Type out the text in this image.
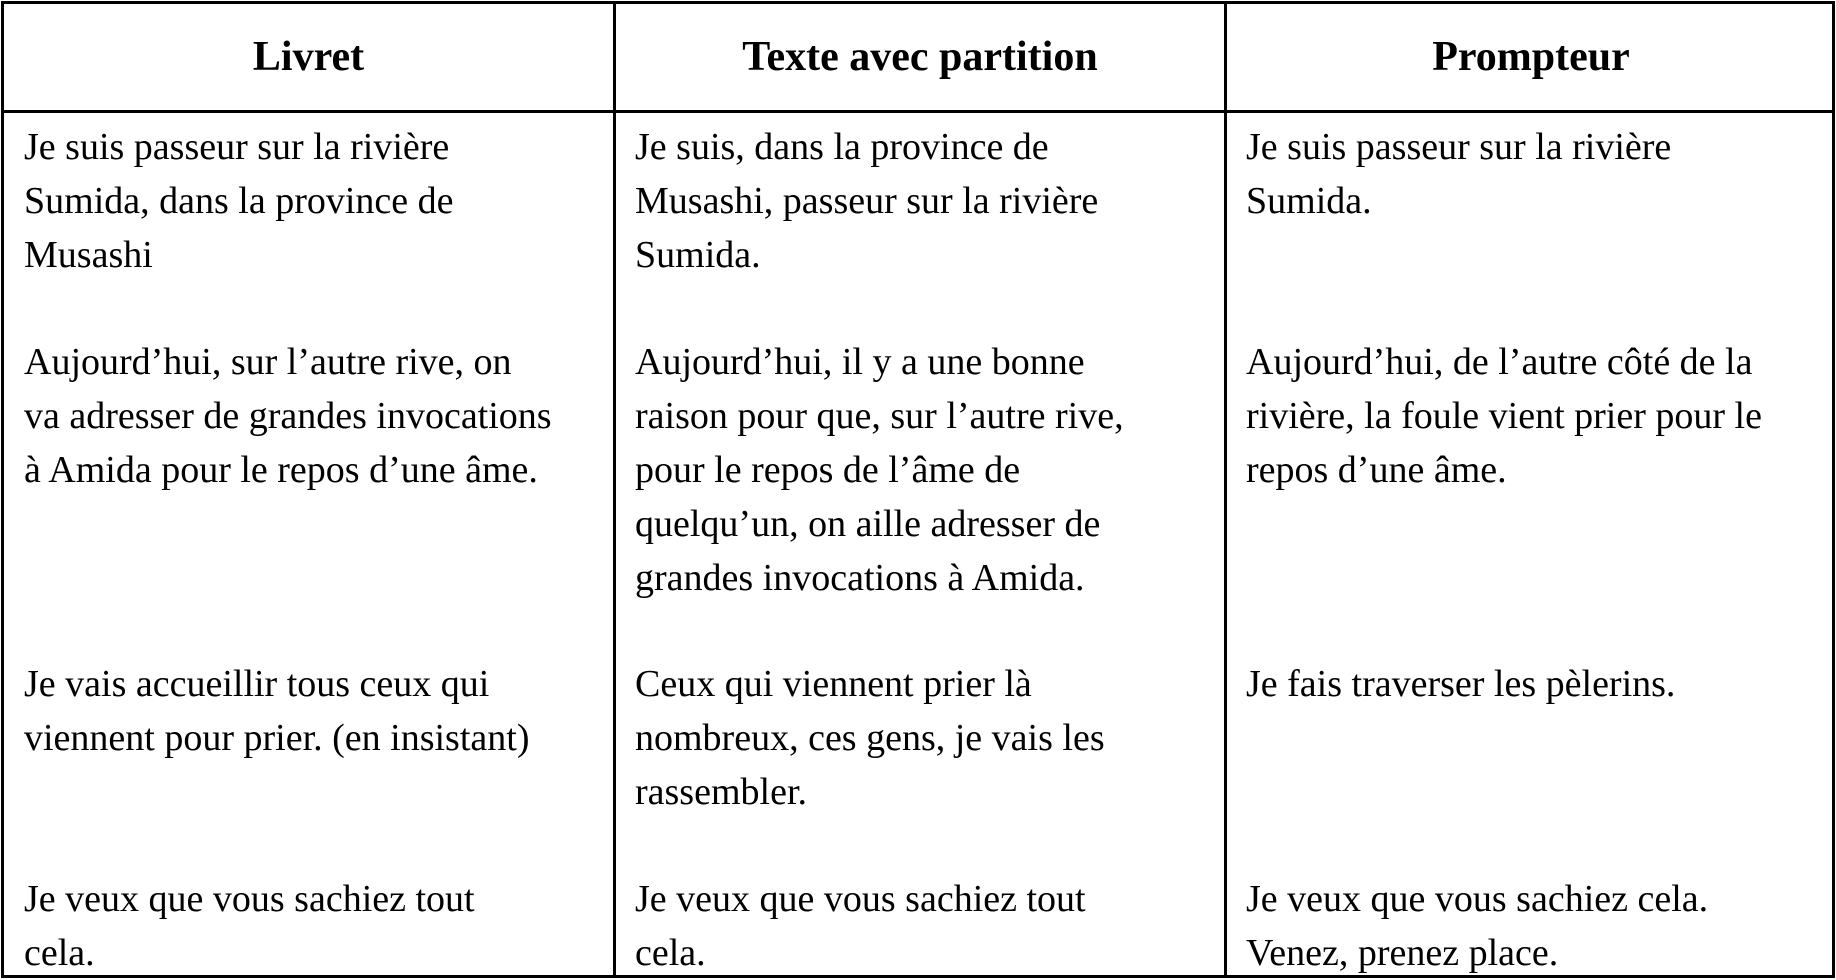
Livret	Texte avec partition	Prompteur
Je suis passeur sur la rivière
Sumida, dans la province de
Musashi
Je suis, dans la province de
Musashi, passeur sur la rivière
Sumida.
Je suis passeur sur la rivière
Sumida.
Aujourd’hui, sur l’autre rive, on
va adresser de grandes invocations
à Amida pour le repos d’une âme.
Aujourd’hui, il y a une bonne
raison pour que, sur l’autre rive,
pour le repos de l’âme de
quelqu’un, on aille adresser de
grandes invocations à Amida.
Aujourd’hui, de l’autre côté de la
rivière, la foule vient prier pour le
repos d’une âme.
Je vais accueillir tous ceux qui
viennent pour prier. (en insistant)
Ceux qui viennent prier là
nombreux, ces gens, je vais les
rassembler.
Je fais traverser les pèlerins.
Je veux que vous sachiez tout
cela.
Je veux que vous sachiez tout
cela.
Je veux que vous sachiez cela.
Venez, prenez place.
